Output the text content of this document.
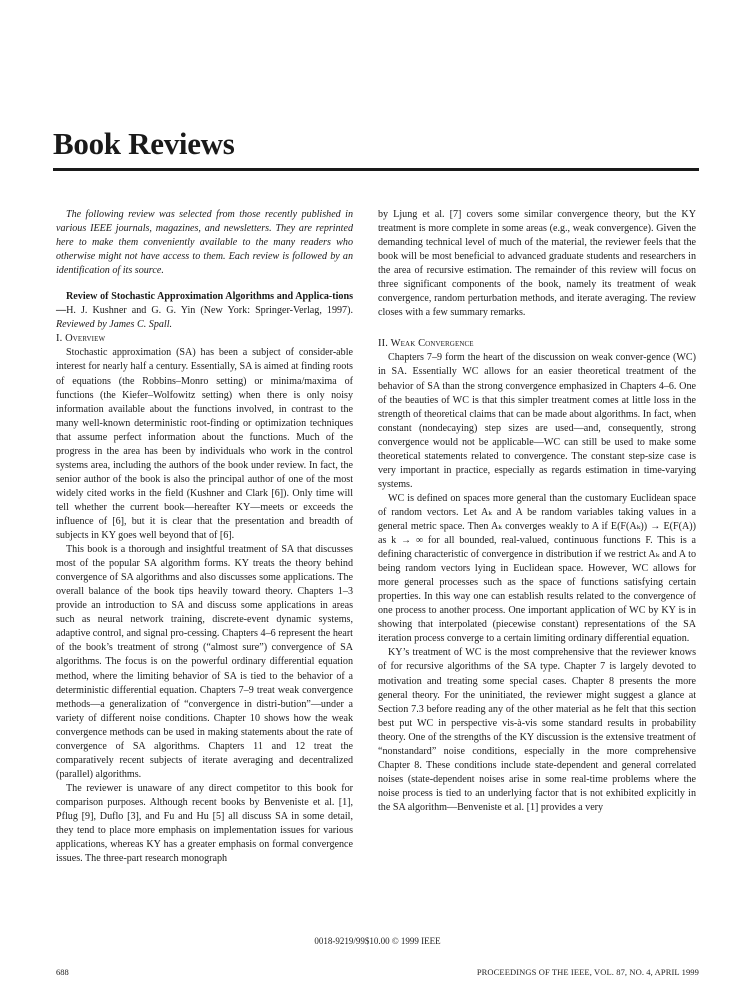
Book Reviews

The following review was selected from those recently published in various IEEE journals, magazines, and newsletters. They are reprinted here to make them conveniently available to the many readers who otherwise might not have access to them. Each review is followed by an identification of its source.

Review of Stochastic Approximation Algorithms and Applica-tions—H. J. Kushner and G. G. Yin (New York: Springer-Verlag, 1997). Reviewed by James C. Spall.

I. Overview

Stochastic approximation (SA) has been a subject of consider-able interest for nearly half a century. Essentially, SA is aimed at finding roots of equations (the Robbins–Monro setting) or minima/maxima of functions (the Kiefer–Wolfowitz setting) when there is only noisy information available about the functions involved, in contrast to the many well-known deterministic root-finding or optimization techniques that assume perfect information about the functions. Much of the progress in the area has been by individuals who work in the control systems area, including the authors of the book under review. In fact, the senior author of the book is also the principal author of one of the most widely cited works in the field (Kushner and Clark [6]). Only time will tell whether the current book—hereafter KY—meets or exceeds the influence of [6], but it is clear that the presentation and breadth of subjects in KY goes well beyond that of [6].

This book is a thorough and insightful treatment of SA that discusses most of the popular SA algorithm forms. KY treats the theory behind convergence of SA algorithms and also discusses some applications. The overall balance of the book tips heavily toward theory. Chapters 1–3 provide an introduction to SA and discuss some applications in areas such as neural network training, discrete-event dynamic systems, adaptive control, and signal pro-cessing. Chapters 4–6 represent the heart of the book’s treatment of strong (“almost sure”) convergence of SA algorithms. The focus is on the powerful ordinary differential equation method, where the limiting behavior of SA is tied to the behavior of a deterministic differential equation. Chapters 7–9 treat weak convergence methods—a generalization of “convergence in distri-bution”—under a variety of different noise conditions. Chapter 10 shows how the weak convergence methods can be used in making statements about the rate of convergence of SA algorithms. Chapters 11 and 12 treat the comparatively recent subjects of iterate averaging and decentralized (parallel) algorithms.

The reviewer is unaware of any direct competitor to this book for comparison purposes. Although recent books by Benveniste et al. [1], Pflug [9], Duflo [3], and Fu and Hu [5] all discuss SA in some detail, they tend to place more emphasis on implementation issues for various applications, whereas KY has a greater emphasis on formal convergence issues. The three-part research monograph

by Ljung et al. [7] covers some similar convergence theory, but the KY treatment is more complete in some areas (e.g., weak convergence). Given the demanding technical level of much of the material, the reviewer feels that the book will be most beneficial to advanced graduate students and researchers in the area of recursive estimation. The remainder of this review will focus on three significant components of the book, namely its treatment of weak convergence, random perturbation methods, and iterate averaging. The review closes with a few summary remarks.

II. Weak Convergence

Chapters 7–9 form the heart of the discussion on weak conver-gence (WC) in SA. Essentially WC allows for an easier theoretical treatment of the behavior of SA than the strong convergence emphasized in Chapters 4–6. One of the beauties of WC is that this simpler treatment comes at little loss in the strength of theoretical claims that can be made about algorithms. In fact, when constant (nondecaying) step sizes are used—and, consequently, strong convergence would not be applicable—WC can still be used to make some theoretical statements related to convergence. The constant step-size case is very important in practice, especially as regards estimation in time-varying systems.

WC is defined on spaces more general than the customary Euclidean space of random vectors. Let Aₖ and A be random variables taking values in a general metric space. Then Aₖ converges weakly to A if E(F(Aₖ)) → E(F(A)) as k → ∞ for all bounded, real-valued, continuous functions F. This is a defining characteristic of convergence in distribution if we restrict Aₖ and A to being random vectors lying in Euclidean space. However, WC allows for more general processes such as the space of functions satisfying certain properties. In this way one can establish results related to the convergence of one process to another process. One important application of WC by KY is in showing that interpolated (piecewise constant) representations of the SA iteration process converge to a certain limiting ordinary differential equation.

KY’s treatment of WC is the most comprehensive that the reviewer knows of for recursive algorithms of the SA type. Chapter 7 is largely devoted to motivation and treating some special cases. Chapter 8 presents the more general theory. For the uninitiated, the reviewer might suggest a glance at Section 7.3 before reading any of the other material as he felt that this section best put WC in perspective vis-à-vis some standard results in probability theory. One of the strengths of the KY discussion is the extensive treatment of “nonstandard” noise conditions, especially in the more comprehensive Chapter 8. These conditions include state-dependent and general correlated noises (state-dependent noises arise in some real-time problems where the noise process is tied to an underlying factor that is not exhibited explicitly in the SA algorithm—Benveniste et al. [1] provides a very

0018-9219/99$10.00 © 1999 IEEE
688	PROCEEDINGS OF THE IEEE, VOL. 87, NO. 4, APRIL 1999
